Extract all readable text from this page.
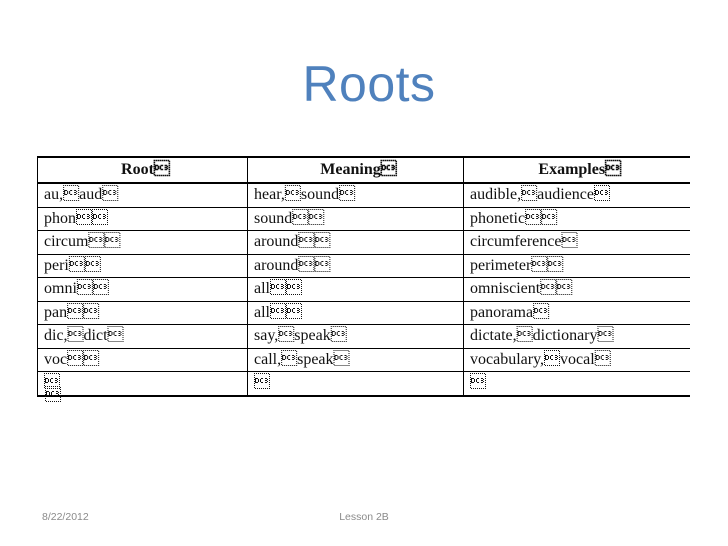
Roots
Root	Meaning	Examples
au,aud	hear,sound	audible,audience
phon	sound	phonetic
circum	around	circumference
peri	around	perimeter
omni	all	omniscient
pan	all	panorama
dic,dict	say,speak	dictate,dictionary
voc	call,speak	vocabulary,vocal
		

8/22/2012	Lesson 2B
